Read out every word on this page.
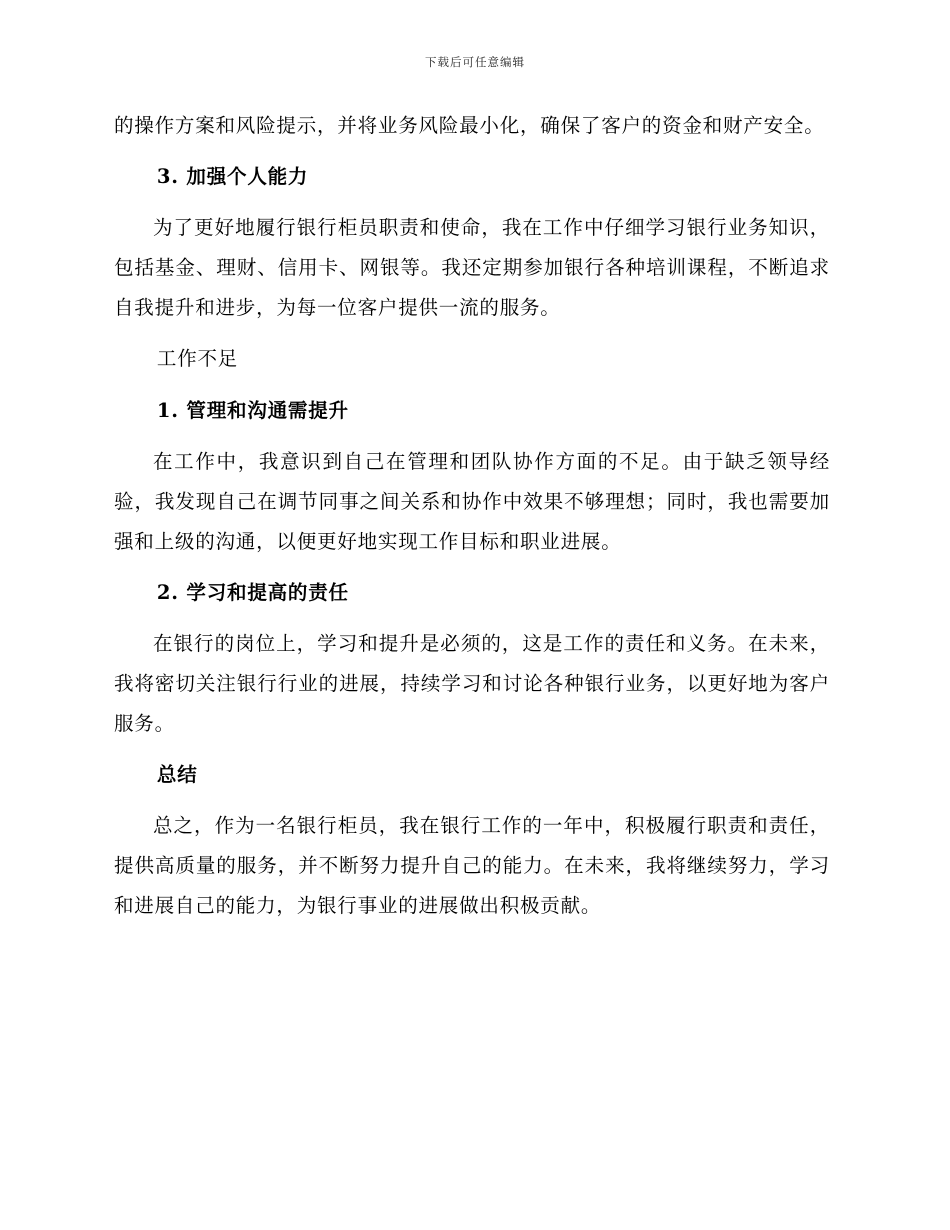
下载后可任意编辑

的操作方案和风险提示，并将业务风险最小化，确保了客户的资金和财产安全。

3. 加强个人能力

为了更好地履行银行柜员职责和使命，我在工作中仔细学习银行业务知识，包括基金、理财、信用卡、网银等。我还定期参加银行各种培训课程，不断追求自我提升和进步，为每一位客户提供一流的服务。

工作不足
1. 管理和沟通需提升

在工作中，我意识到自己在管理和团队协作方面的不足。由于缺乏领导经验，我发现自己在调节同事之间关系和协作中效果不够理想；同时，我也需要加强和上级的沟通，以便更好地实现工作目标和职业进展。

2. 学习和提高的责任

在银行的岗位上，学习和提升是必须的，这是工作的责任和义务。在未来，我将密切关注银行行业的进展，持续学习和讨论各种银行业务，以更好地为客户服务。

总结

总之，作为一名银行柜员，我在银行工作的一年中，积极履行职责和责任，提供高质量的服务，并不断努力提升自己的能力。在未来，我将继续努力，学习和进展自己的能力，为银行事业的进展做出积极贡献。
